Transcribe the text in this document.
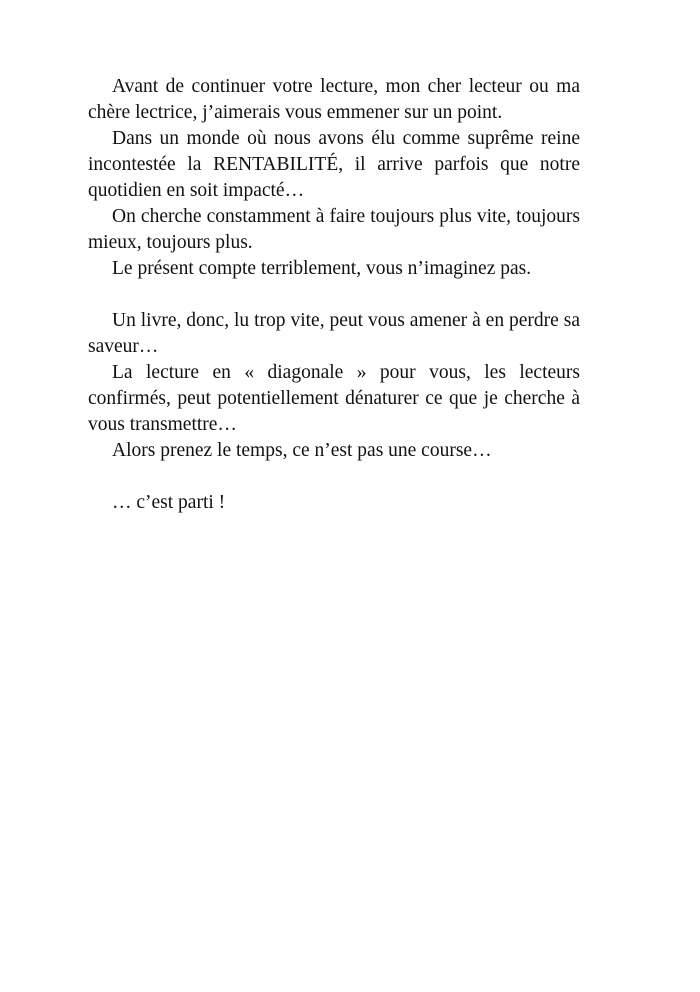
Avant de continuer votre lecture, mon cher lecteur ou ma chère lectrice, j’aimerais vous emmener sur un point.

Dans un monde où nous avons élu comme suprême reine incontestée la RENTABILITÉ, il arrive parfois que notre quotidien en soit impacté…

On cherche constamment à faire toujours plus vite, toujours mieux, toujours plus.

Le présent compte terriblement, vous n’imaginez pas.

Un livre, donc, lu trop vite, peut vous amener à en perdre sa saveur…

La lecture en « diagonale » pour vous, les lecteurs confirmés, peut potentiellement dénaturer ce que je cherche à vous transmettre…

Alors prenez le temps, ce n’est pas une course…

… c’est parti !
